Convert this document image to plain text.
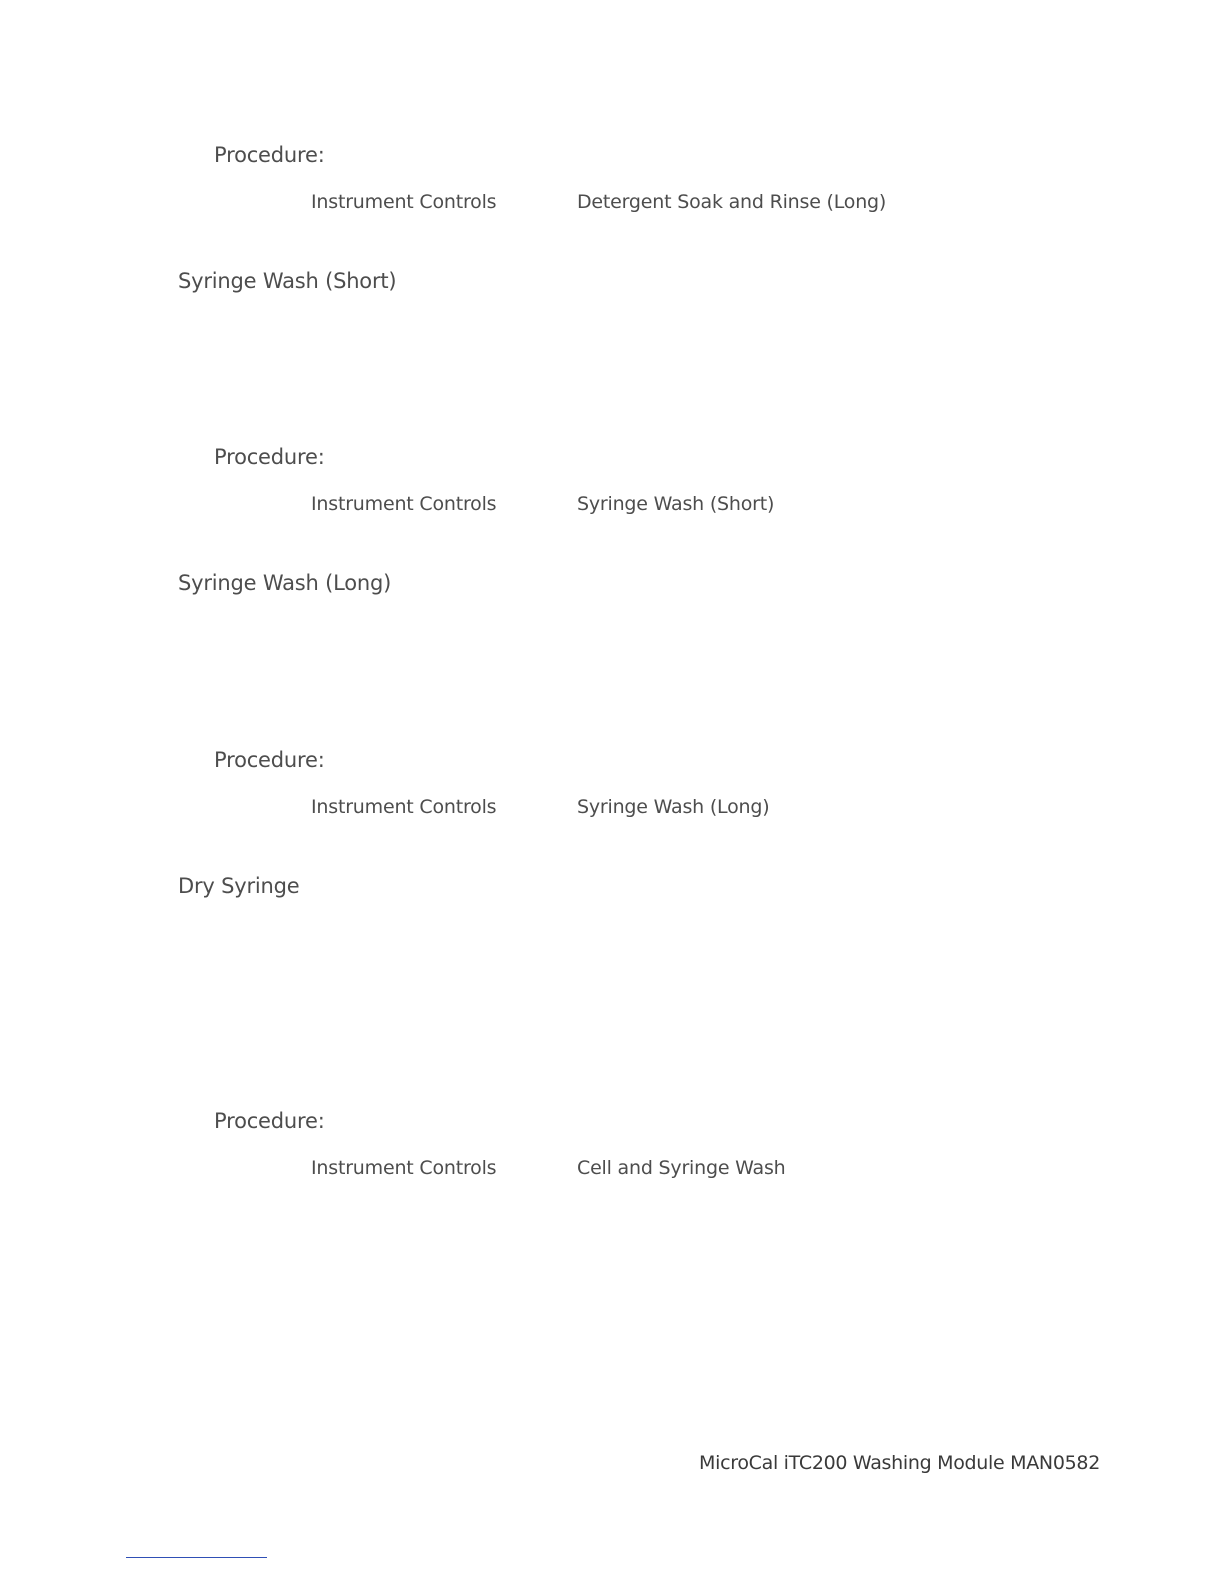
Procedure:
Instrument Controls	Detergent Soak and Rinse (Long)
Syringe Wash (Short)
Procedure:
Instrument Controls	Syringe Wash (Short)
Syringe Wash (Long)
Procedure:
Instrument Controls	Syringe Wash (Long)
Dry Syringe
Procedure:
Instrument Controls	Cell and Syringe Wash
MicroCal iTC200 Washing Module MAN0582
